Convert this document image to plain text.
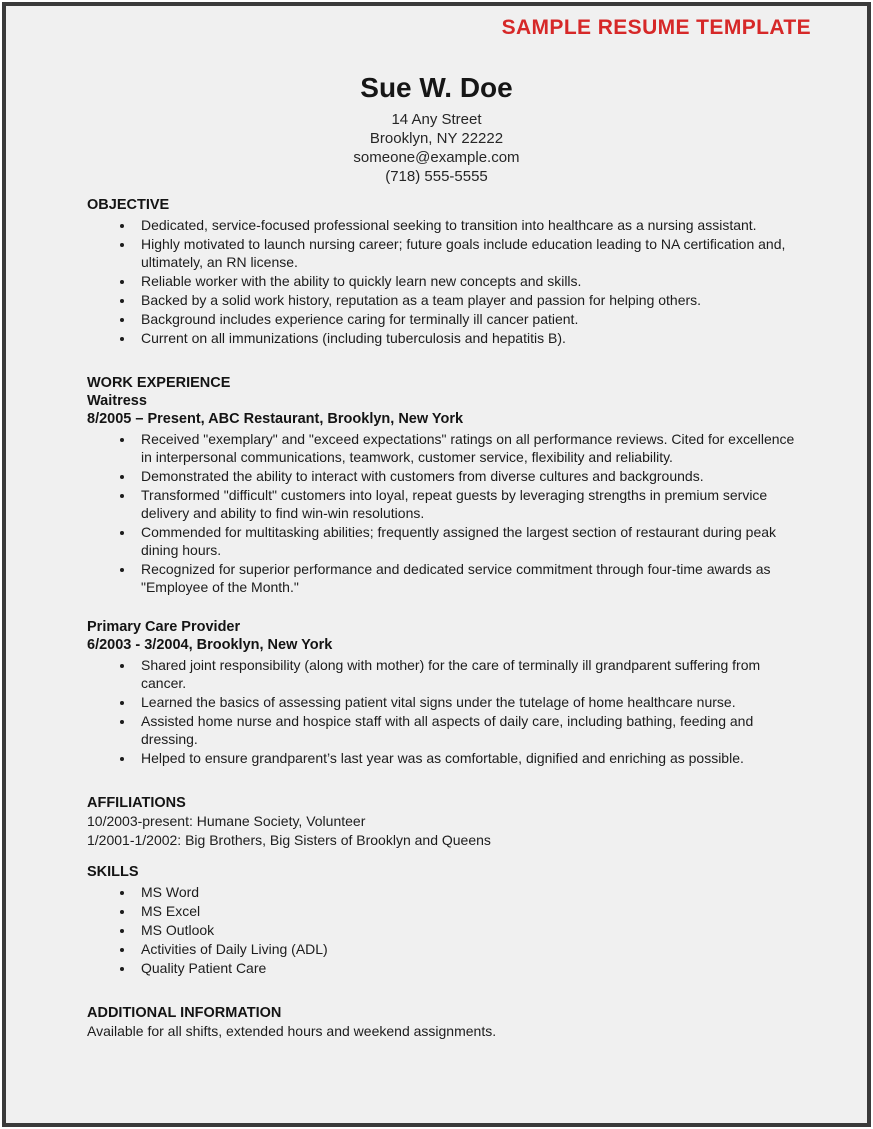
SAMPLE RESUME TEMPLATE
Sue W. Doe
14 Any Street
Brooklyn, NY 22222
someone@example.com
(718) 555-5555
OBJECTIVE
• Dedicated, service-focused professional seeking to transition into healthcare as a nursing assistant.
• Highly motivated to launch nursing career; future goals include education leading to NA certification and, ultimately, an RN license.
• Reliable worker with the ability to quickly learn new concepts and skills.
• Backed by a solid work history, reputation as a team player and passion for helping others.
• Background includes experience caring for terminally ill cancer patient.
• Current on all immunizations (including tuberculosis and hepatitis B).
WORK EXPERIENCE
Waitress
8/2005 – Present, ABC Restaurant, Brooklyn, New York
• Received "exemplary" and "exceed expectations" ratings on all performance reviews. Cited for excellence in interpersonal communications, teamwork, customer service, flexibility and reliability.
• Demonstrated the ability to interact with customers from diverse cultures and backgrounds.
• Transformed "difficult" customers into loyal, repeat guests by leveraging strengths in premium service delivery and ability to find win-win resolutions.
• Commended for multitasking abilities; frequently assigned the largest section of restaurant during peak dining hours.
• Recognized for superior performance and dedicated service commitment through four-time awards as "Employee of the Month."
Primary Care Provider
6/2003 - 3/2004, Brooklyn, New York
• Shared joint responsibility (along with mother) for the care of terminally ill grandparent suffering from cancer.
• Learned the basics of assessing patient vital signs under the tutelage of home healthcare nurse.
• Assisted home nurse and hospice staff with all aspects of daily care, including bathing, feeding and dressing.
• Helped to ensure grandparent’s last year was as comfortable, dignified and enriching as possible.
AFFILIATIONS
10/2003-present: Humane Society, Volunteer
1/2001-1/2002: Big Brothers, Big Sisters of Brooklyn and Queens
SKILLS
• MS Word
• MS Excel
• MS Outlook
• Activities of Daily Living (ADL)
• Quality Patient Care
ADDITIONAL INFORMATION
Available for all shifts, extended hours and weekend assignments.
